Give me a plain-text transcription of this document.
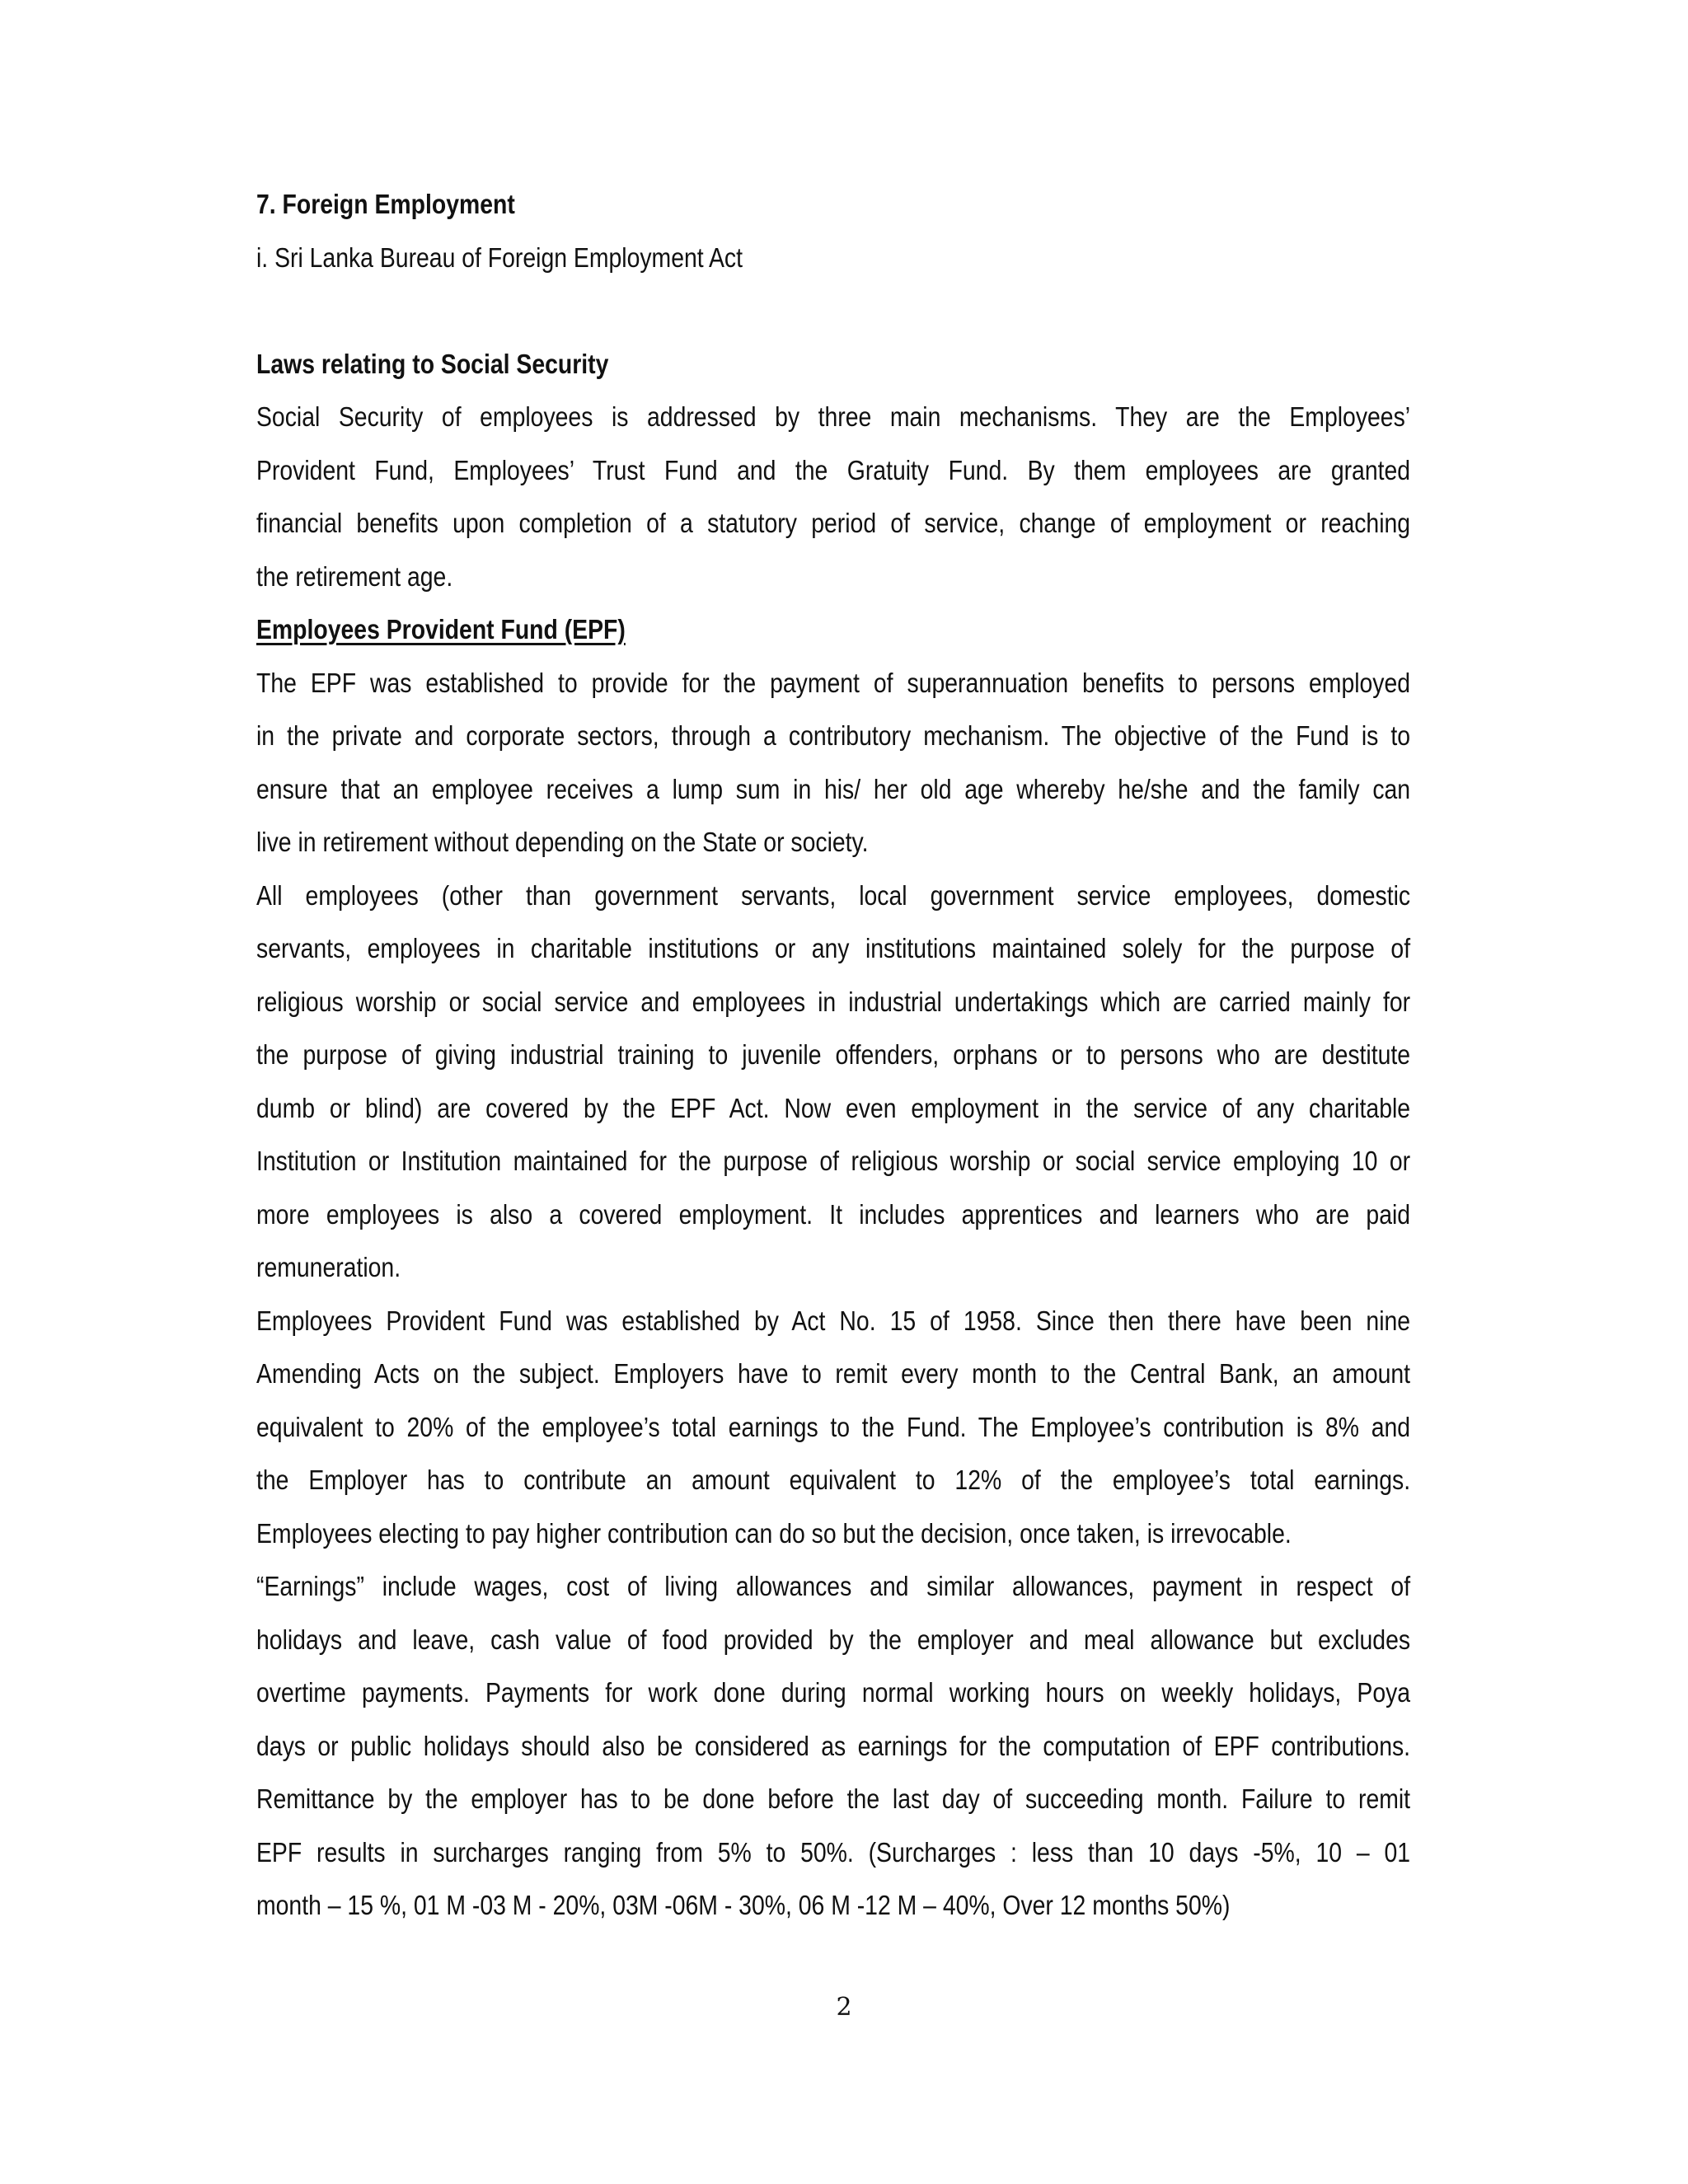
7. Foreign Employment
i. Sri Lanka Bureau of Foreign Employment Act
Laws relating to Social Security
Social Security of employees is addressed by three main mechanisms. They are the Employees’
Provident Fund, Employees’ Trust Fund and the Gratuity Fund. By them employees are granted
financial benefits upon completion of a statutory period of service, change of employment or reaching
the retirement age.
Employees Provident Fund (EPF)
The EPF was established to provide for the payment of superannuation benefits to persons employed
in the private and corporate sectors, through a contributory mechanism. The objective of the Fund is to
ensure that an employee receives a lump sum in his/ her old age whereby he/she and the family can
live in retirement without depending on the State or society.
All employees (other than government servants, local government service employees, domestic
servants, employees in charitable institutions or any institutions maintained solely for the purpose of
religious worship or social service and employees in industrial undertakings which are carried mainly for
the purpose of giving industrial training to juvenile offenders, orphans or to persons who are destitute
dumb or blind) are covered by the EPF Act. Now even employment in the service of any charitable
Institution or Institution maintained for the purpose of religious worship or social service employing 10 or
more employees is also a covered employment. It includes apprentices and learners who are paid
remuneration.
Employees Provident Fund was established by Act No. 15 of 1958. Since then there have been nine
Amending Acts on the subject. Employers have to remit every month to the Central Bank, an amount
equivalent to 20% of the employee’s total earnings to the Fund. The Employee’s contribution is 8% and
the Employer has to contribute an amount equivalent to 12% of the employee’s total earnings.
Employees electing to pay higher contribution can do so but the decision, once taken, is irrevocable.
“Earnings” include wages, cost of living allowances and similar allowances, payment in respect of
holidays and leave, cash value of food provided by the employer and meal allowance but excludes
overtime payments. Payments for work done during normal working hours on weekly holidays, Poya
days or public holidays should also be considered as earnings for the computation of EPF contributions.
Remittance by the employer has to be done before the last day of succeeding month. Failure to remit
EPF results in surcharges ranging from 5% to 50%. (Surcharges : less than 10 days -5%, 10 – 01
month – 15 %, 01 M -03 M - 20%, 03M -06M - 30%, 06 M -12 M – 40%, Over 12 months 50%)
2
